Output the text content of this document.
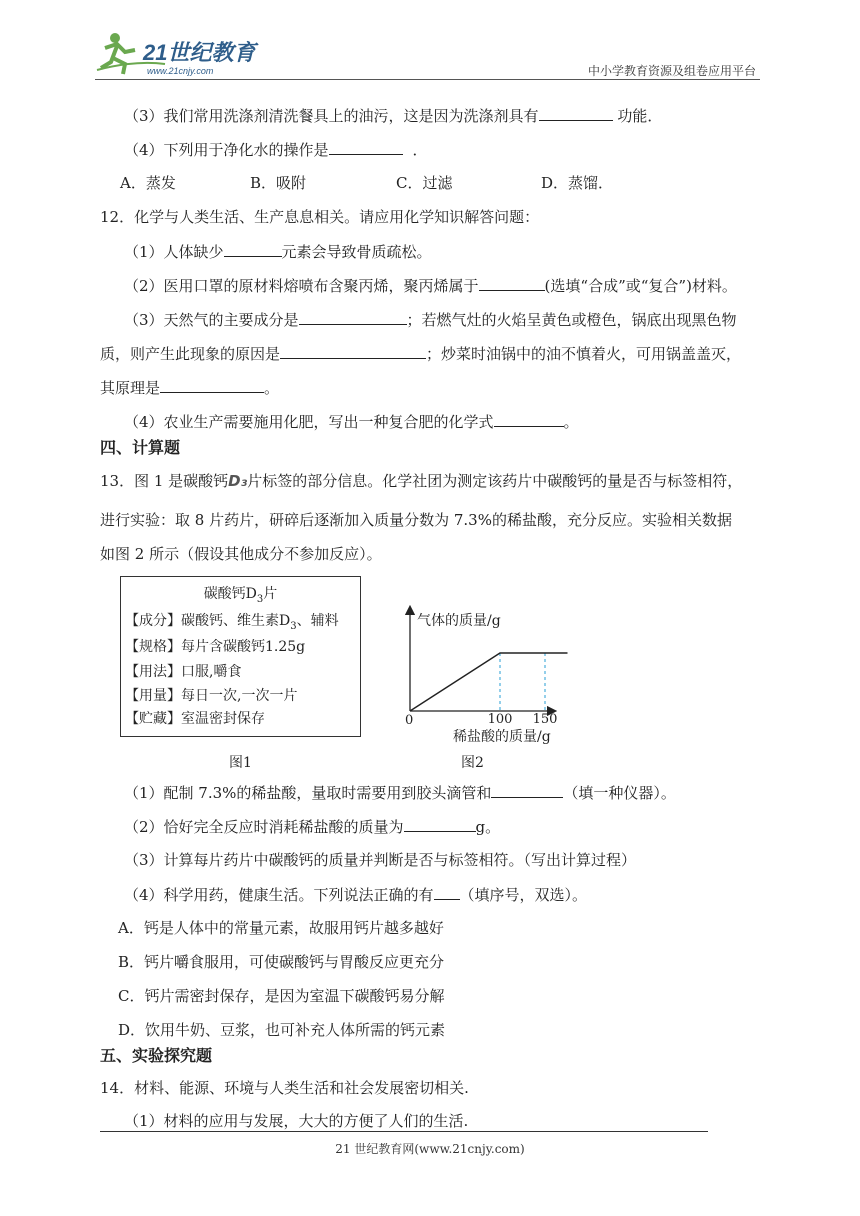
21世纪教育
www.21cnjy.com	中小学教育资源及组卷应用平台
（3）我们常用洗涤剂清洗餐具上的油污，这是因为洗涤剂具有	功能．
（4）下列用于净化水的操作是	．
A．蒸发	B．吸附	C．过滤	D．蒸馏．
12．化学与人类生活、生产息息相关。请应用化学知识解答问题：
（1）人体缺少	元素会导致骨质疏松。
（2）医用口罩的原材料熔喷布含聚丙烯，聚丙烯属于	(选填“合成”或“复合”)材料。
（3）天然气的主要成分是	；若燃气灶的火焰呈黄色或橙色，锅底出现黑色物
质，则产生此现象的原因是	；炒菜时油锅中的油不慎着火，可用锅盖盖灭，
其原理是	。
（4）农业生产需要施用化肥，写出一种复合肥的化学式	。
四、计算题
13．图 1 是碳酸钙D₃片标签的部分信息。化学社团为测定该药片中碳酸钙的量是否与标签相符，
进行实验：取 8 片药片，研碎后逐渐加入质量分数为 7.3%的稀盐酸，充分反应。实验相关数据
如图 2 所示（假设其他成分不参加反应）。
碳酸钙$D_3$片
【成分】碳酸钙、维生素$D_3$、辅料
【规格】每片含碳酸钙1.25g
【用法】口服,嚼食
【用量】每日一次,一次一片
【贮藏】室温密封保存
图1
气体的质量/g
0
稀盐酸的质量/g
100 150
图2
（1）配制 7.3%的稀盐酸，量取时需要用到胶头滴管和	（填一种仪器）。
（2）恰好完全反应时消耗稀盐酸的质量为	g。
（3）计算每片药片中碳酸钙的质量并判断是否与标签相符。（写出计算过程）
（4）科学用药，健康生活。下列说法正确的有 （填序号，双选）。
A．钙是人体中的常量元素，故服用钙片越多越好
B．钙片嚼食服用，可使碳酸钙与胃酸反应更充分
C．钙片需密封保存，是因为室温下碳酸钙易分解
D．饮用牛奶、豆浆，也可补充人体所需的钙元素
五、实验探究题
14．材料、能源、环境与人类生活和社会发展密切相关.
（1）材料的应用与发展，大大的方便了人们的生活.
21 世纪教育网(www.21cnjy.com)
